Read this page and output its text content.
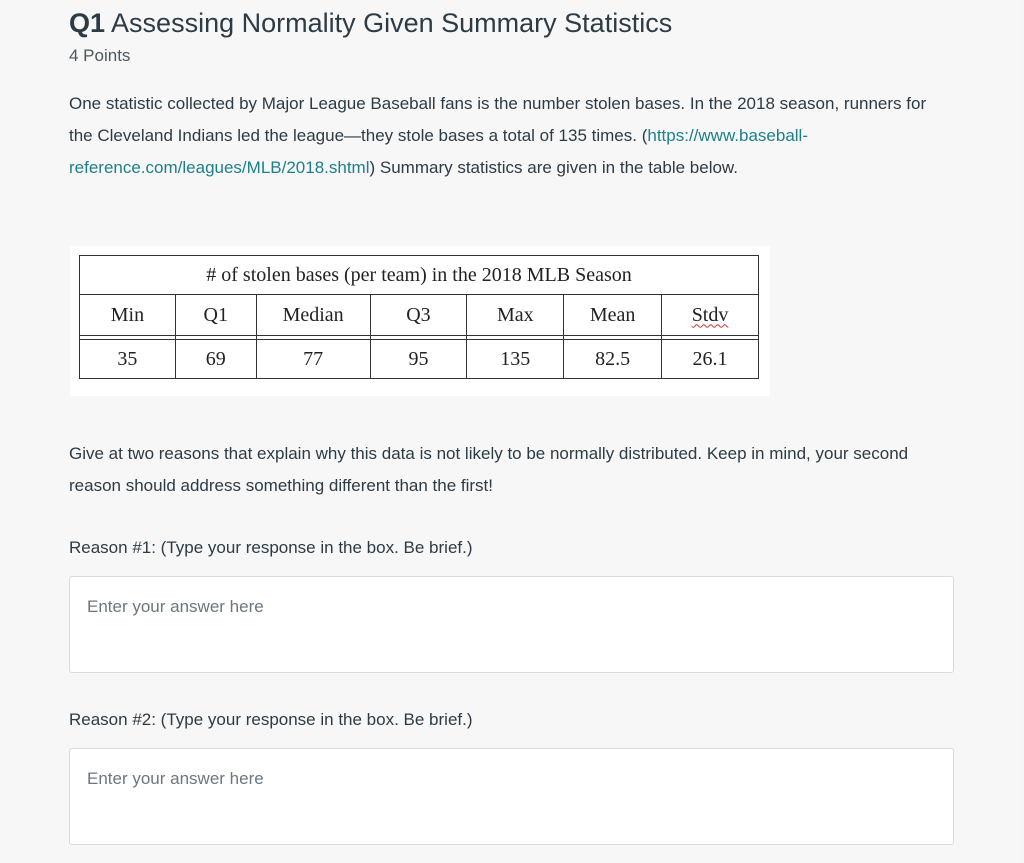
Q1 Assessing Normality Given Summary Statistics
4 Points

One statistic collected by Major League Baseball fans is the number stolen bases. In the 2018 season, runners for the Cleveland Indians led the league—they stole bases a total of 135 times. (https://www.baseball-reference.com/leagues/MLB/2018.shtml) Summary statistics are given in the table below.

# of stolen bases (per team) in the 2018 MLB Season						
Min	Q1	Median	Q3	Max	Mean	Stdv

35	69	77	95	135	82.5	26.1

Give at two reasons that explain why this data is not likely to be normally distributed. Keep in mind, your second reason should address something different than the first!

Reason #1: (Type your response in the box. Be brief.)

Enter your answer here

Reason #2: (Type your response in the box. Be brief.)

Enter your answer here
